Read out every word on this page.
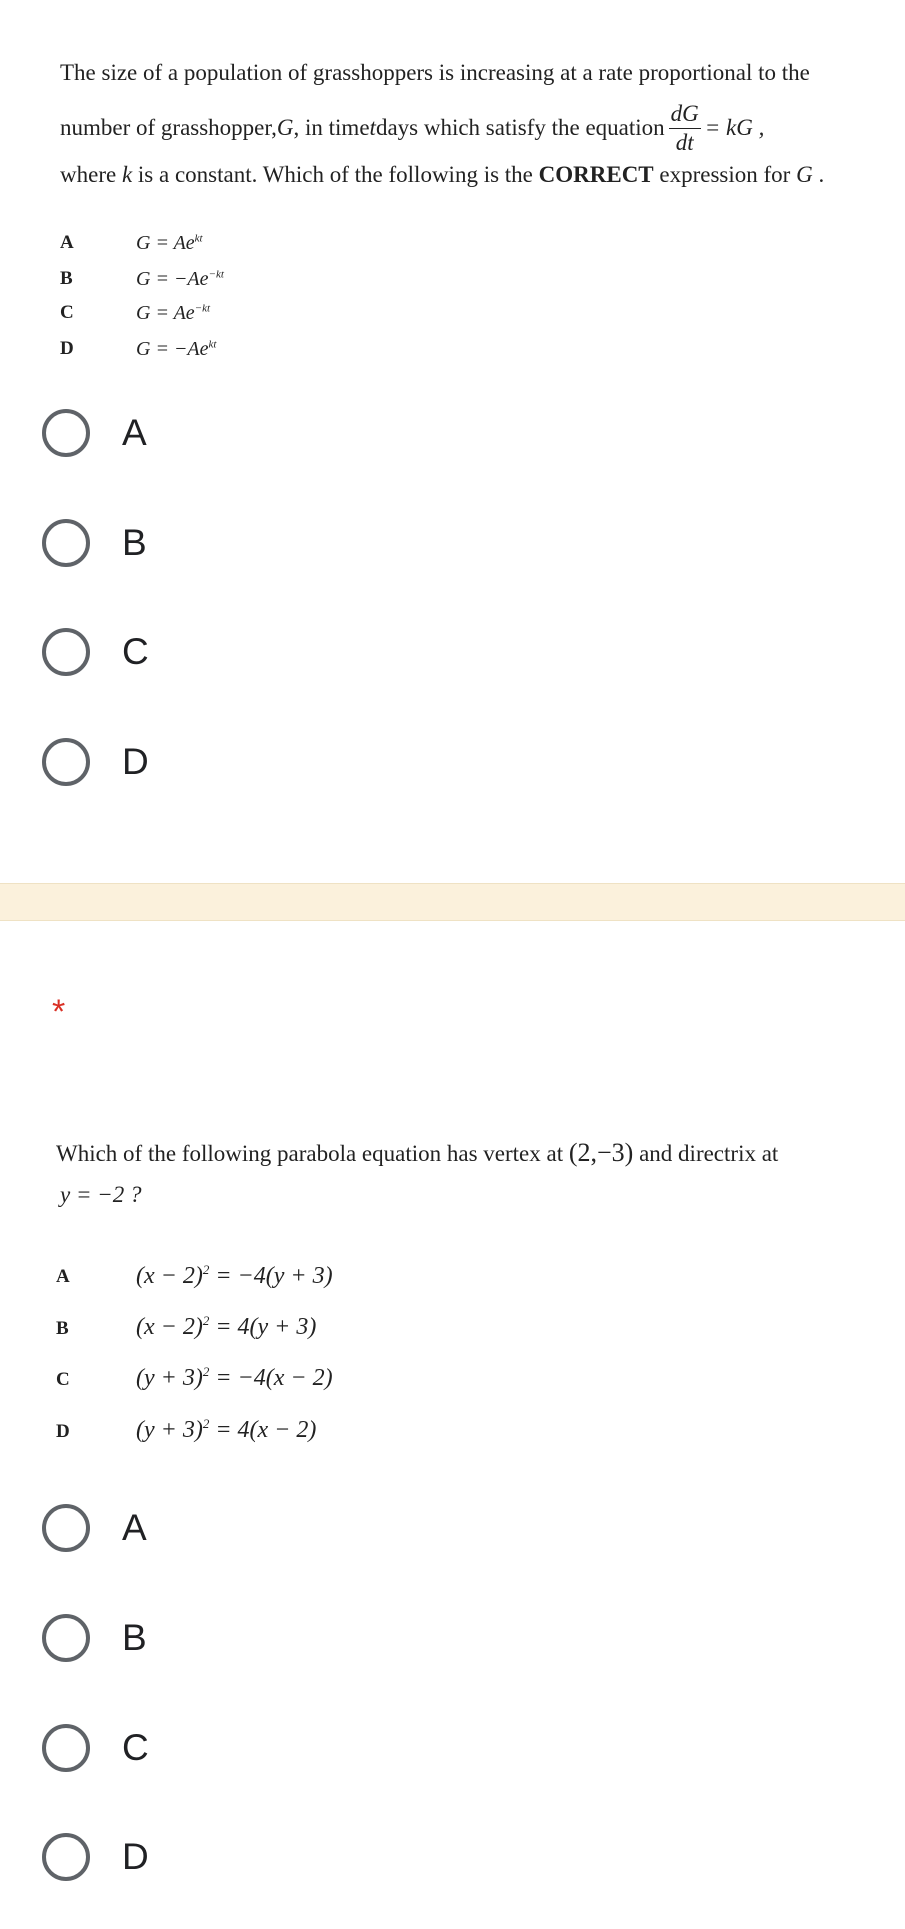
The size of a population of grasshoppers is increasing at a rate proportional to the
number of grasshopper, G , in time t days which satisfy the equation $\frac{dG}{dt}$ = kG ,
where k is a constant. Which of the following is the CORRECT expression for G .
A	$G = Ae^{kt}$
B	$G = -Ae^{-kt}$
C	$G = Ae^{-kt}$
D	$G = -Ae^{kt}$
A
B
C
D
*
Which of the following parabola equation has vertex at (2,−3) and directrix at
y = −2 ?
A	$(x - 2)^2 = -4(y + 3)$
B	$(x - 2)^2 = 4(y + 3)$
C	$(y + 3)^2 = -4(x - 2)$
D	$(y + 3)^2 = 4(x - 2)$
A
B
C
D
